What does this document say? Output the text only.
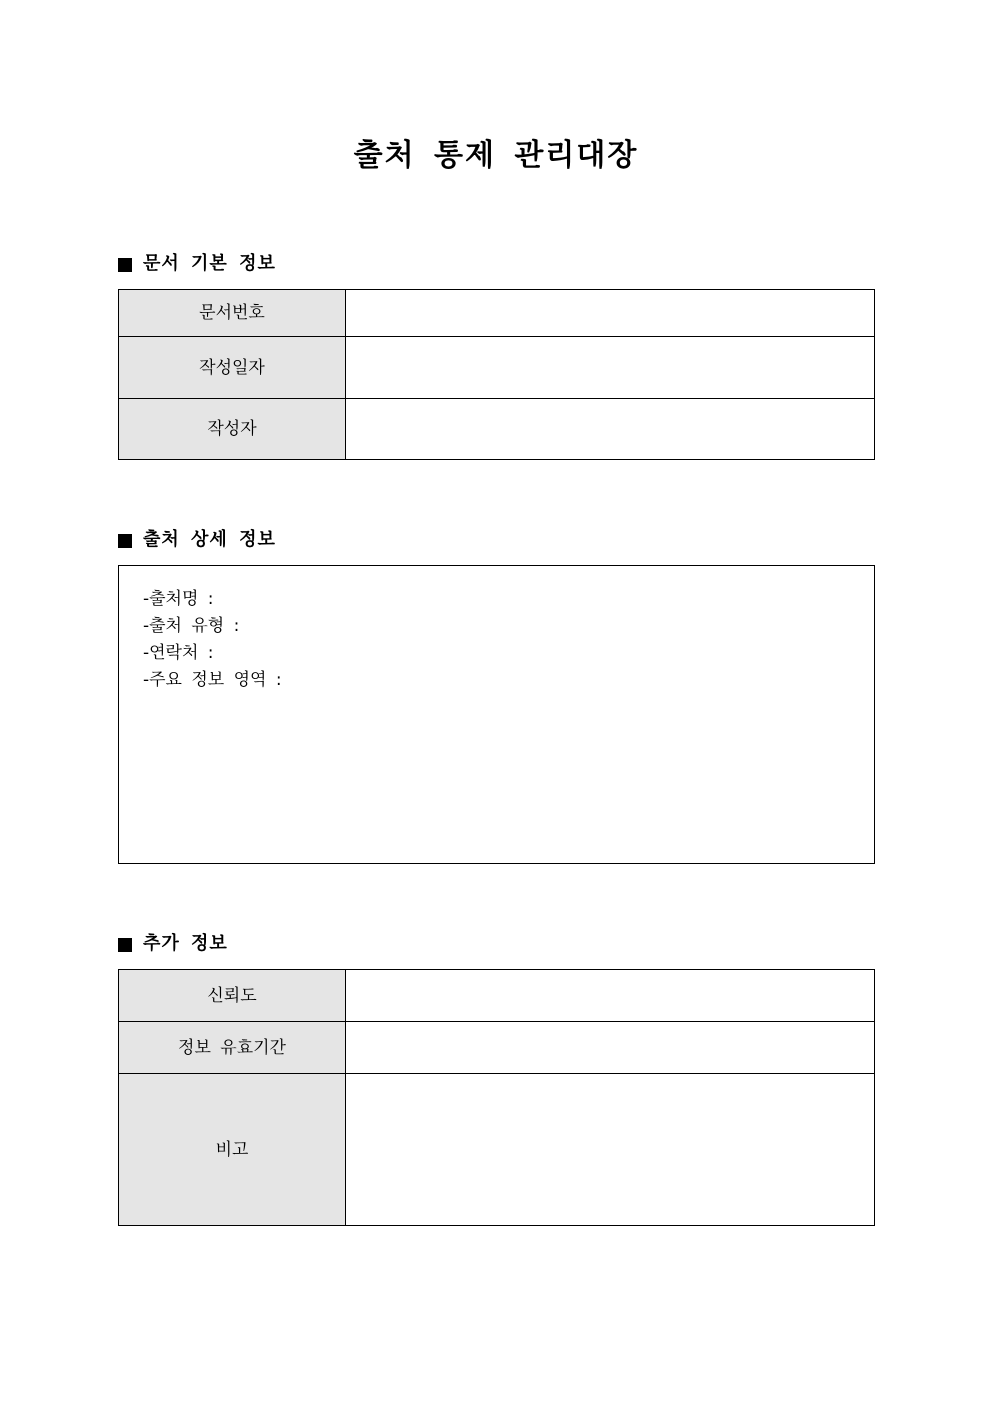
출처 통제 관리대장
문서 기본 정보
문서번호	
작성일자	
작성자	
출처 상세 정보
-출처명 :
-출처 유형 :
-연락처 :
-주요 정보 영역 :
추가 정보
신뢰도	
정보 유효기간	
비고	
